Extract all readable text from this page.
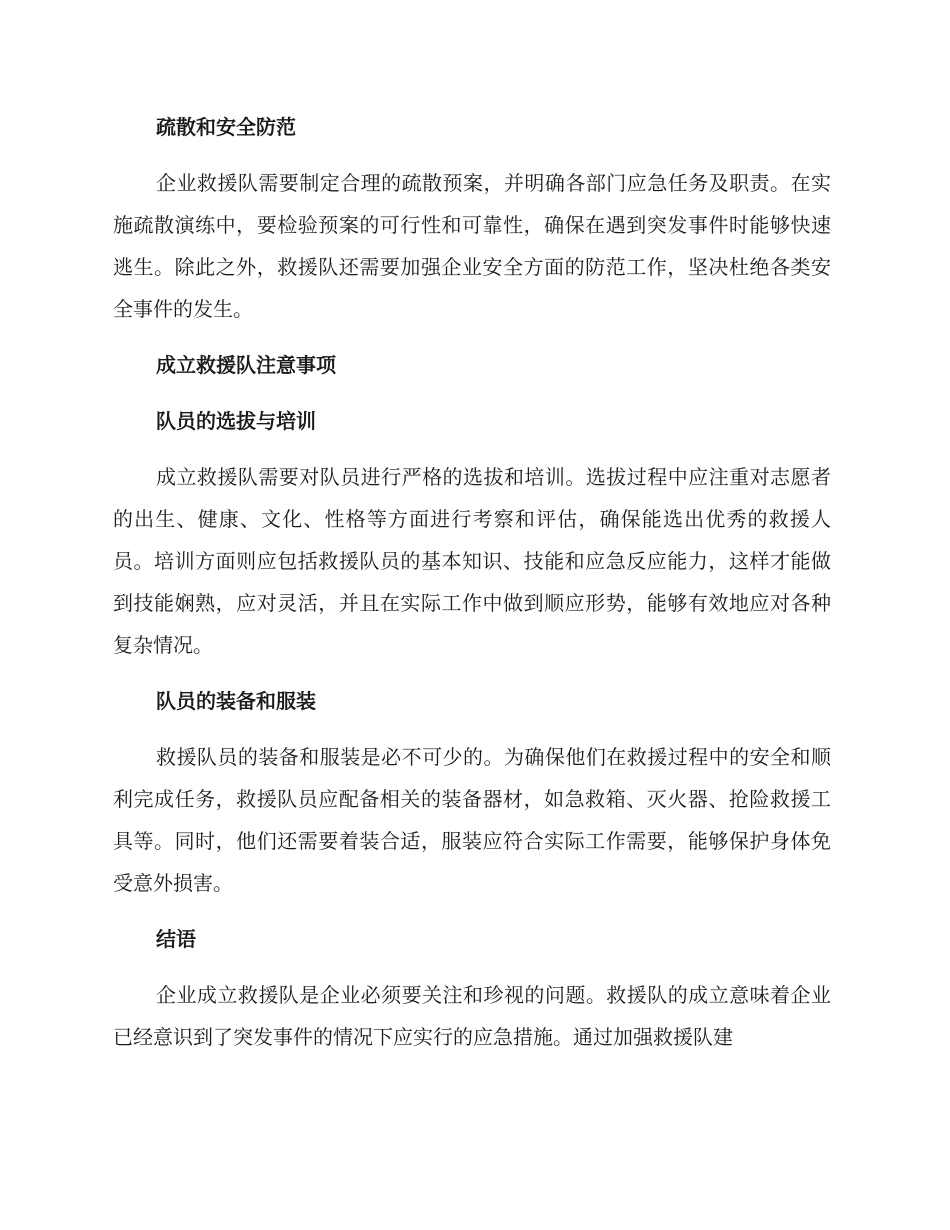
疏散和安全防范

企业救援队需要制定合理的疏散预案，并明确各部门应急任务及职责。在实施疏散演练中，要检验预案的可行性和可靠性，确保在遇到突发事件时能够快速逃生。除此之外，救援队还需要加强企业安全方面的防范工作，坚决杜绝各类安全事件的发生。

成立救援队注意事项
队员的选拔与培训

成立救援队需要对队员进行严格的选拔和培训。选拔过程中应注重对志愿者的出生、健康、文化、性格等方面进行考察和评估，确保能选出优秀的救援人员。培训方面则应包括救援队员的基本知识、技能和应急反应能力，这样才能做到技能娴熟，应对灵活，并且在实际工作中做到顺应形势，能够有效地应对各种复杂情况。

队员的装备和服装

救援队员的装备和服装是必不可少的。为确保他们在救援过程中的安全和顺利完成任务，救援队员应配备相关的装备器材，如急救箱、灭火器、抢险救援工具等。同时，他们还需要着装合适，服装应符合实际工作需要，能够保护身体免受意外损害。

结语

企业成立救援队是企业必须要关注和珍视的问题。救援队的成立意味着企业已经意识到了突发事件的情况下应实行的应急措施。通过加强救援队建
